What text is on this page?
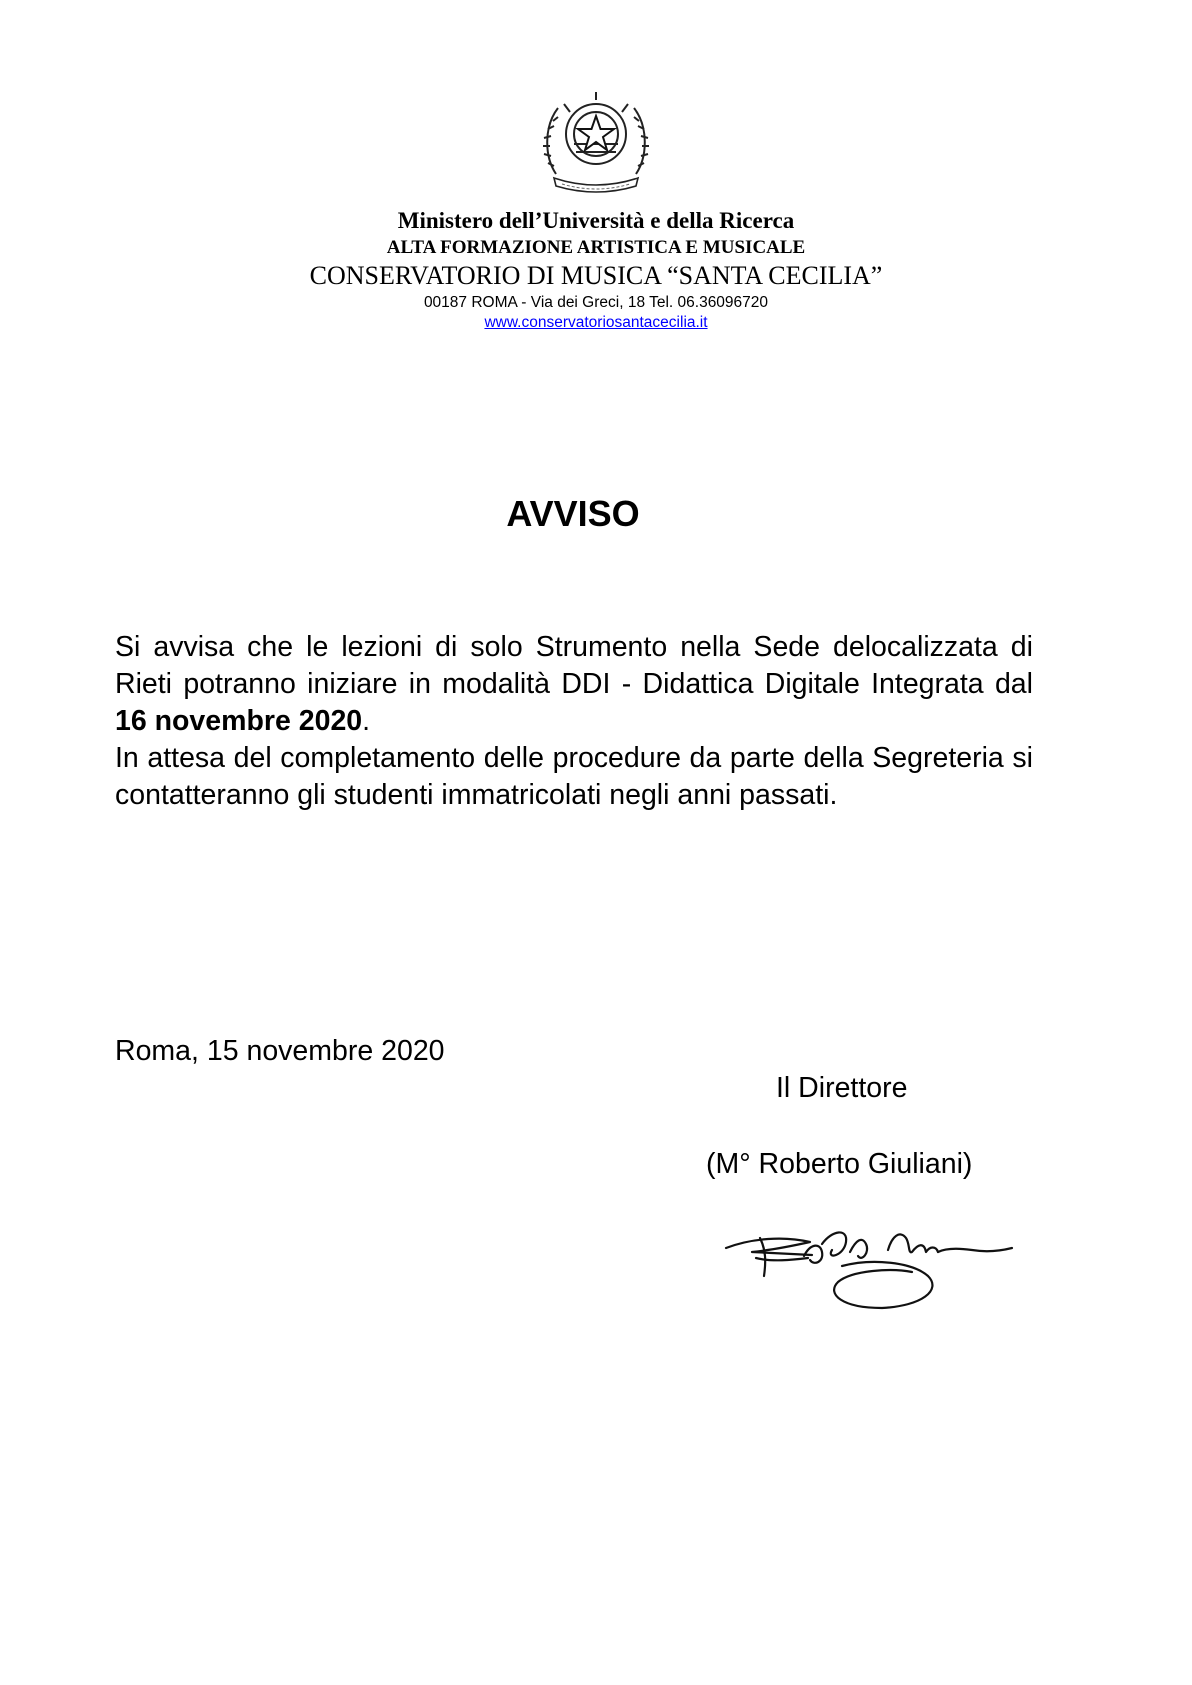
Ministero dell’Università e della Ricerca
ALTA FORMAZIONE ARTISTICA E MUSICALE
CONSERVATORIO DI MUSICA “SANTA CECILIA”
00187 ROMA - Via dei Greci, 18 Tel. 06.36096720
www.conservatoriosantacecilia.it
AVVISO

Si avvisa che le lezioni di solo Strumento nella Sede delocalizzata di Rieti potranno iniziare in modalità DDI - Didattica Digitale Integrata dal 16 novembre 2020.

In attesa del completamento delle procedure da parte della Segreteria si contatteranno gli studenti immatricolati negli anni passati.

Roma, 15 novembre 2020
Il Direttore
(M° Roberto Giuliani)
